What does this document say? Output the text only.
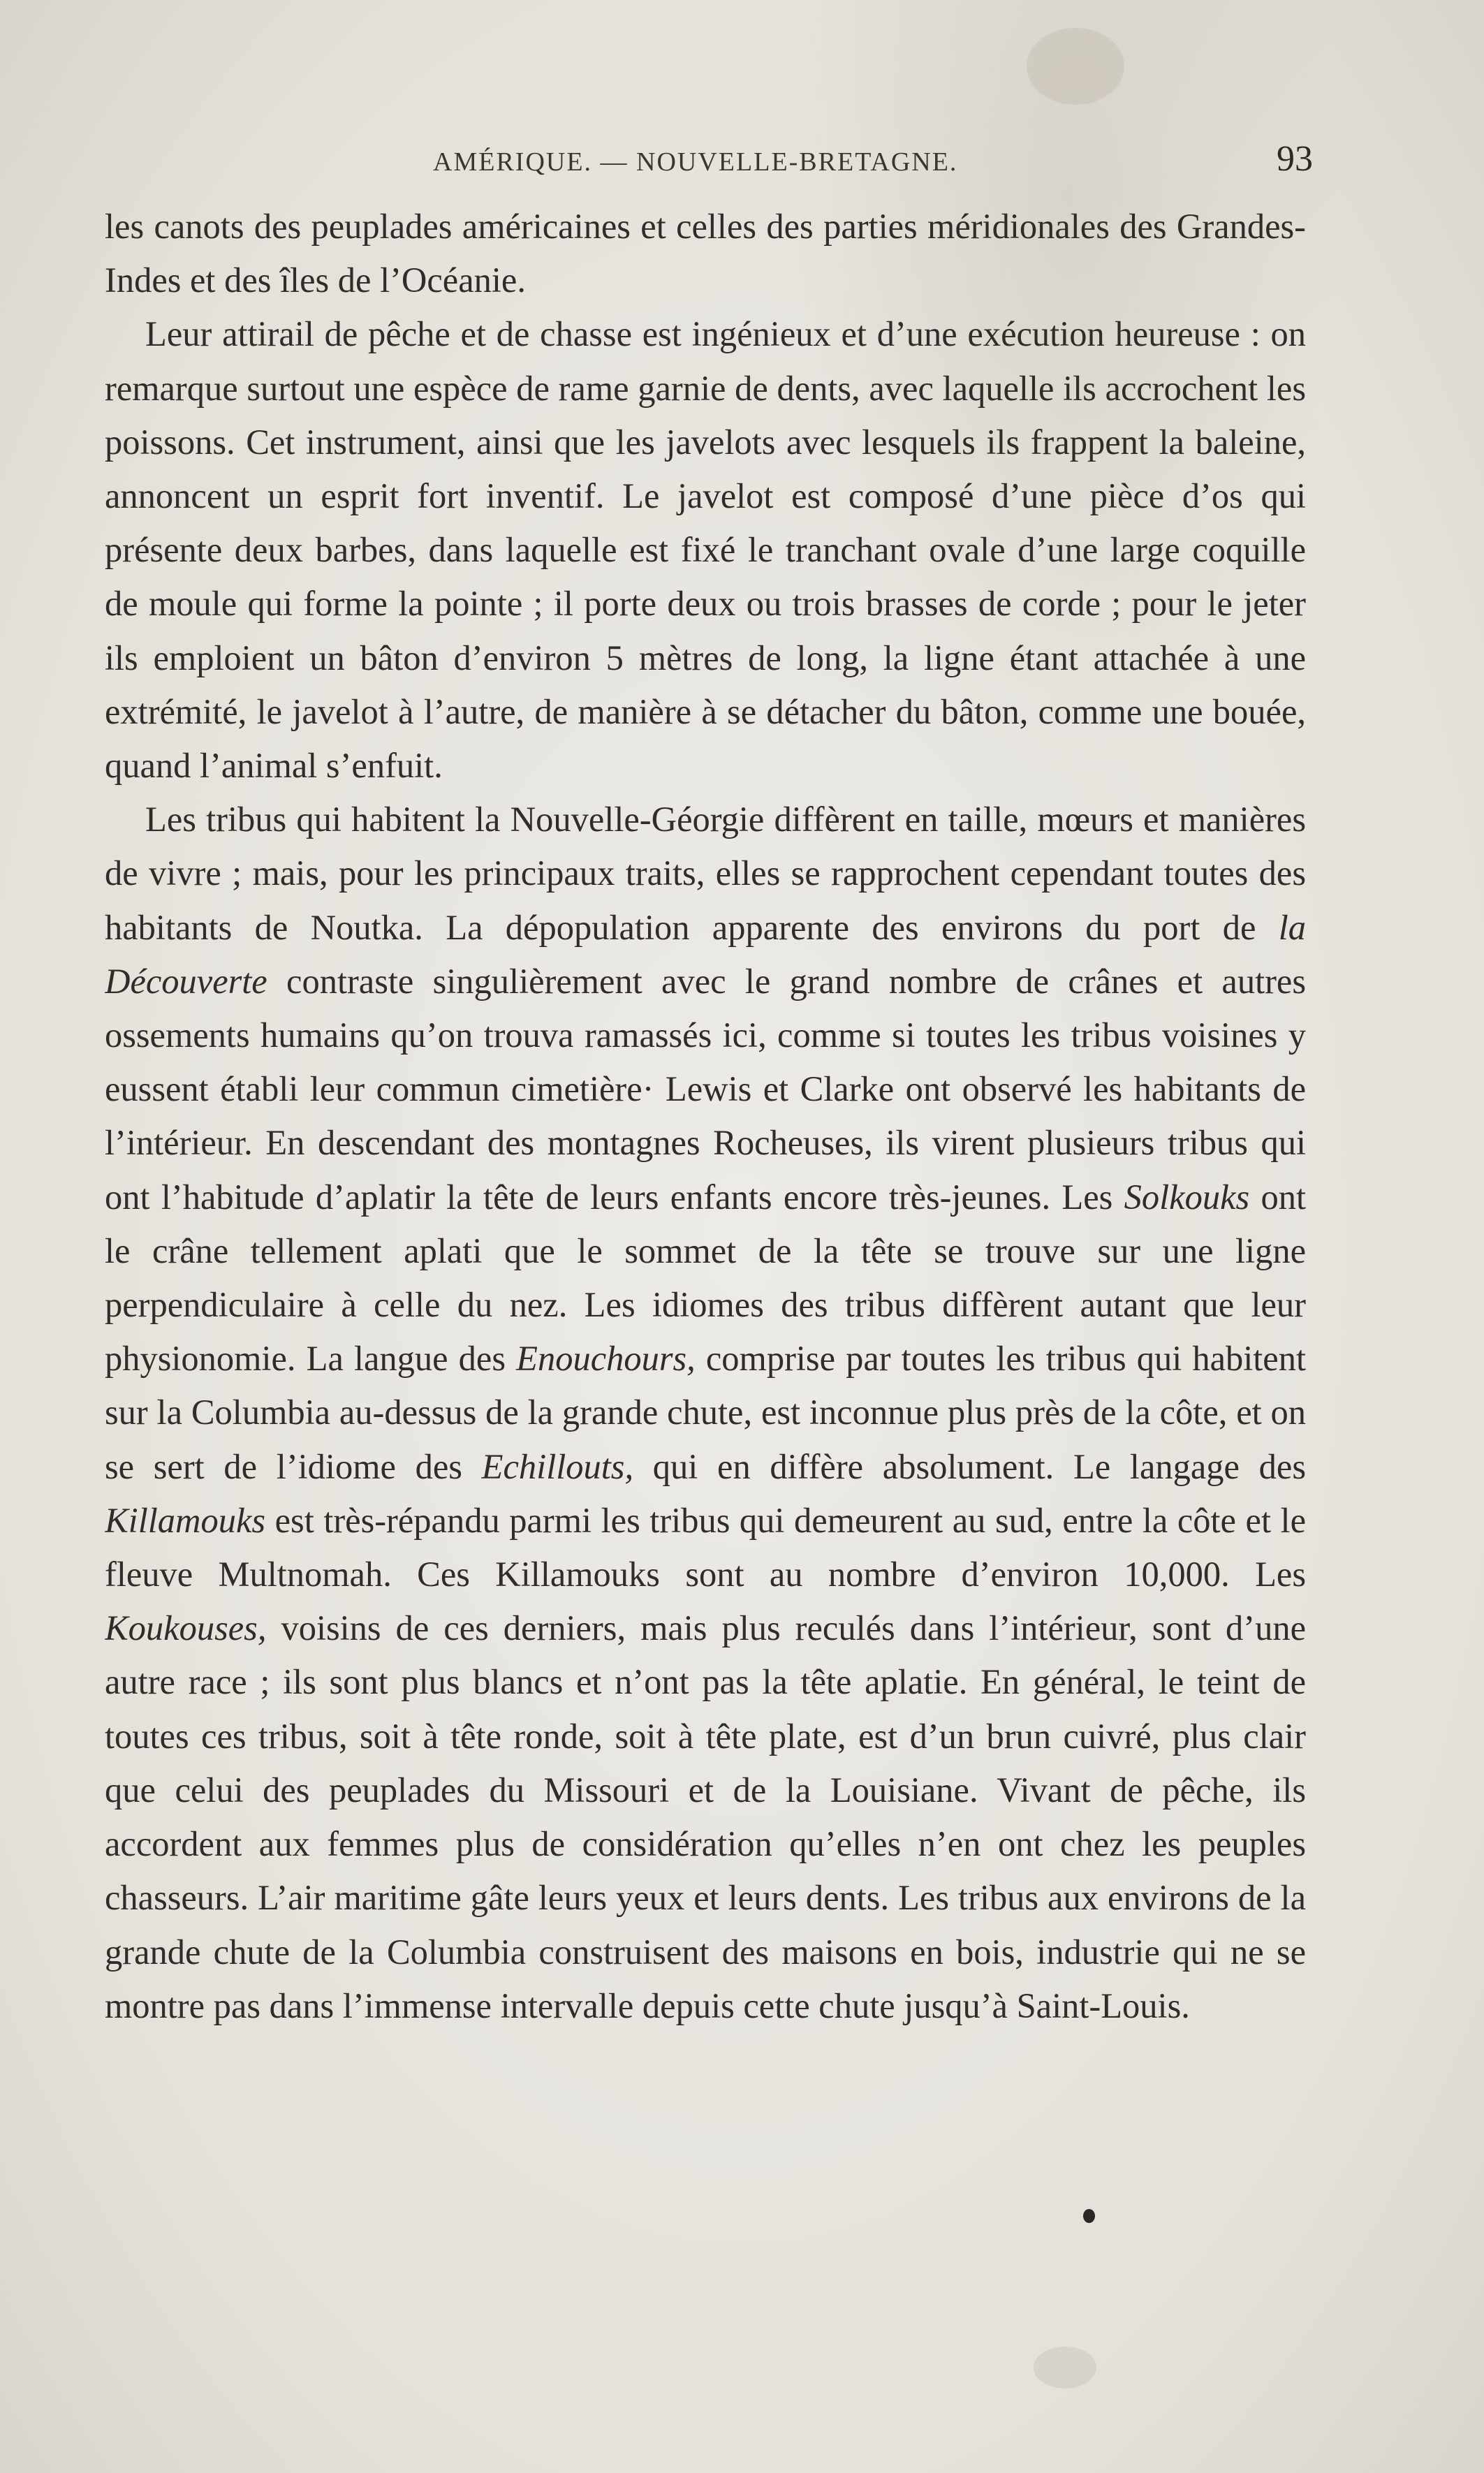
AMÉRIQUE. — NOUVELLE-BRETAGNE.	93

les canots des peuplades américaines et celles des parties méridionales des Grandes-Indes et des îles de l’Océanie.

Leur attirail de pêche et de chasse est ingénieux et d’une exécution heureuse : on remarque surtout une espèce de rame garnie de dents, avec laquelle ils accrochent les poissons. Cet instrument, ainsi que les javelots avec lesquels ils frappent la baleine, annoncent un esprit fort inventif. Le javelot est composé d’une pièce d’os qui présente deux barbes, dans laquelle est fixé le tranchant ovale d’une large coquille de moule qui forme la pointe ; il porte deux ou trois brasses de corde ; pour le jeter ils emploient un bâton d’environ 5 mètres de long, la ligne étant attachée à une extrémité, le javelot à l’autre, de manière à se détacher du bâton, comme une bouée, quand l’animal s’enfuit.

Les tribus qui habitent la Nouvelle-Géorgie diffèrent en taille, mœurs et manières de vivre ; mais, pour les principaux traits, elles se rapprochent cependant toutes des habitants de Noutka. La dépopulation apparente des environs du port de la Découverte contraste singulièrement avec le grand nombre de crânes et autres ossements humains qu’on trouva ramassés ici, comme si toutes les tribus voisines y eussent établi leur commun cimetière· Lewis et Clarke ont observé les habitants de l’intérieur. En descendant des montagnes Rocheuses, ils virent plusieurs tribus qui ont l’habitude d’aplatir la tête de leurs enfants encore très-jeunes. Les Solkouks ont le crâne tellement aplati que le sommet de la tête se trouve sur une ligne perpendiculaire à celle du nez. Les idiomes des tribus diffèrent autant que leur physionomie. La langue des Enouchours, comprise par toutes les tribus qui habitent sur la Columbia au-dessus de la grande chute, est inconnue plus près de la côte, et on se sert de l’idiome des Echillouts, qui en diffère absolument. Le langage des Killamouks est très-répandu parmi les tribus qui demeurent au sud, entre la côte et le fleuve Multnomah. Ces Killamouks sont au nombre d’environ 10,000. Les Koukouses, voisins de ces derniers, mais plus reculés dans l’intérieur, sont d’une autre race ; ils sont plus blancs et n’ont pas la tête aplatie. En général, le teint de toutes ces tribus, soit à tête ronde, soit à tête plate, est d’un brun cuivré, plus clair que celui des peuplades du Missouri et de la Louisiane. Vivant de pêche, ils accordent aux femmes plus de considération qu’elles n’en ont chez les peuples chasseurs. L’air maritime gâte leurs yeux et leurs dents. Les tribus aux environs de la grande chute de la Columbia construisent des maisons en bois, industrie qui ne se montre pas dans l’immense intervalle depuis cette chute jusqu’à Saint-Louis.
